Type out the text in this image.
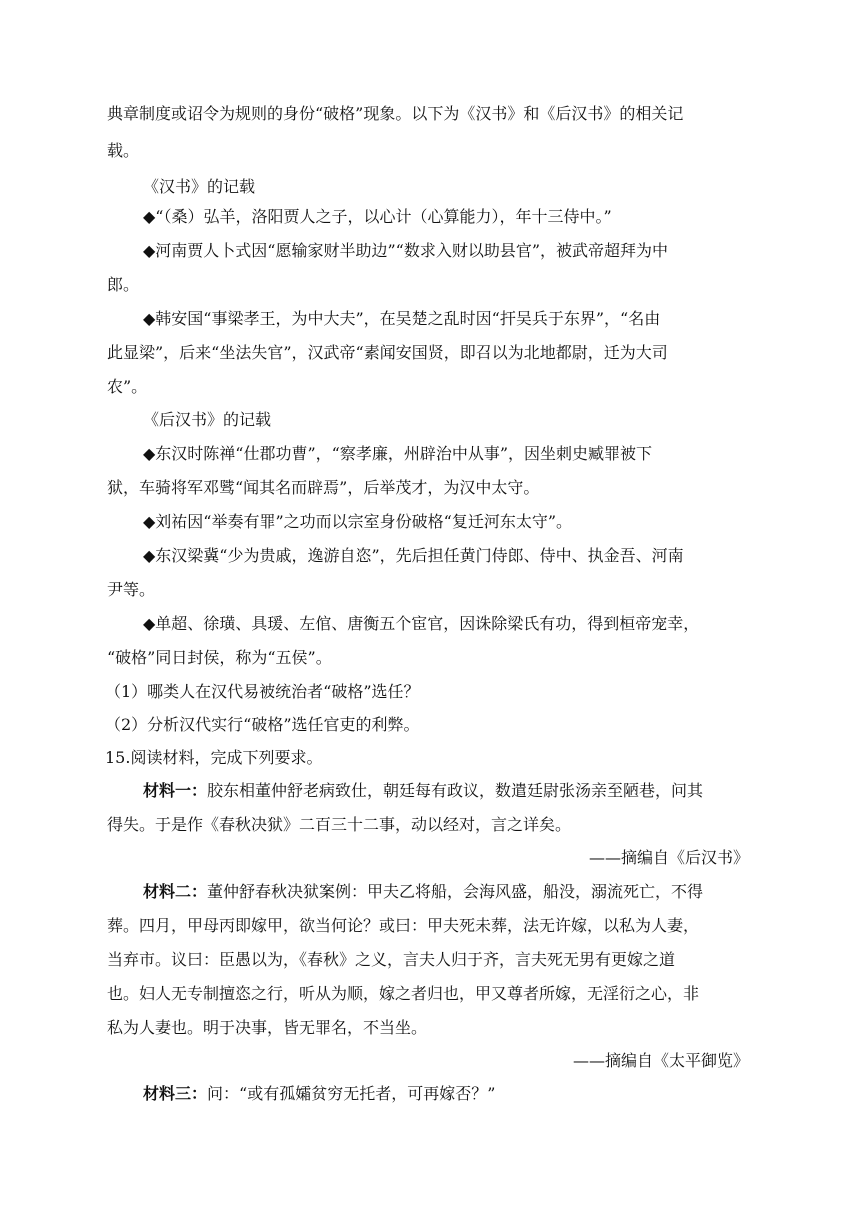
典章制度或诏令为规则的身份“破格”现象。以下为《汉书》和《后汉书》的相关记
载。
《汉书》的记载
◆“（桑）弘羊，洛阳贾人之子，以心计（心算能力），年十三侍中。”
◆河南贾人卜式因“愿输家财半助边”“数求入财以助县官”，被武帝超拜为中
郎。
◆韩安国“事梁孝王，为中大夫”，在吴楚之乱时因“扞吴兵于东界”，“名由
此显梁”，后来“坐法失官”，汉武帝“素闻安国贤，即召以为北地都尉，迁为大司
农”。
《后汉书》的记载
◆东汉时陈禅“仕郡功曹”，“察孝廉，州辟治中从事”，因坐刺史臧罪被下
狱，车骑将军邓骘“闻其名而辟焉”，后举茂才，为汉中太守。
◆刘祐因“举奏有罪”之功而以宗室身份破格“复迁河东太守”。
◆东汉梁冀“少为贵戚，逸游自恣”，先后担任黄门侍郎、侍中、执金吾、河南
尹等。
◆单超、徐璜、具瑗、左倌、唐衡五个宦官，因诛除梁氏有功，得到桓帝宠幸，
“破格”同日封侯，称为“五侯”。
（1）哪类人在汉代易被统治者“破格”选任？
（2）分析汉代实行“破格”选任官吏的利弊。
15.阅读材料，完成下列要求。
材料一：胶东相董仲舒老病致仕，朝廷每有政议，数遣廷尉张汤亲至陋巷，问其
得失。于是作《春秋决狱》二百三十二事，动以经对，言之详矣。
——摘编自《后汉书》
材料二：董仲舒春秋决狱案例：甲夫乙将船，会海风盛，船没，溺流死亡，不得
葬。四月，甲母丙即嫁甲，欲当何论？或曰：甲夫死未葬，法无许嫁，以私为人妻，
当弃市。议曰：臣愚以为，《春秋》之义，言夫人归于齐，言夫死无男有更嫁之道
也。妇人无专制擅恣之行，听从为顺，嫁之者归也，甲又尊者所嫁，无淫衍之心，非
私为人妻也。明于决事，皆无罪名，不当坐。
——摘编自《太平御览》
材料三：问：“或有孤孀贫穷无托者，可再嫁否？”
